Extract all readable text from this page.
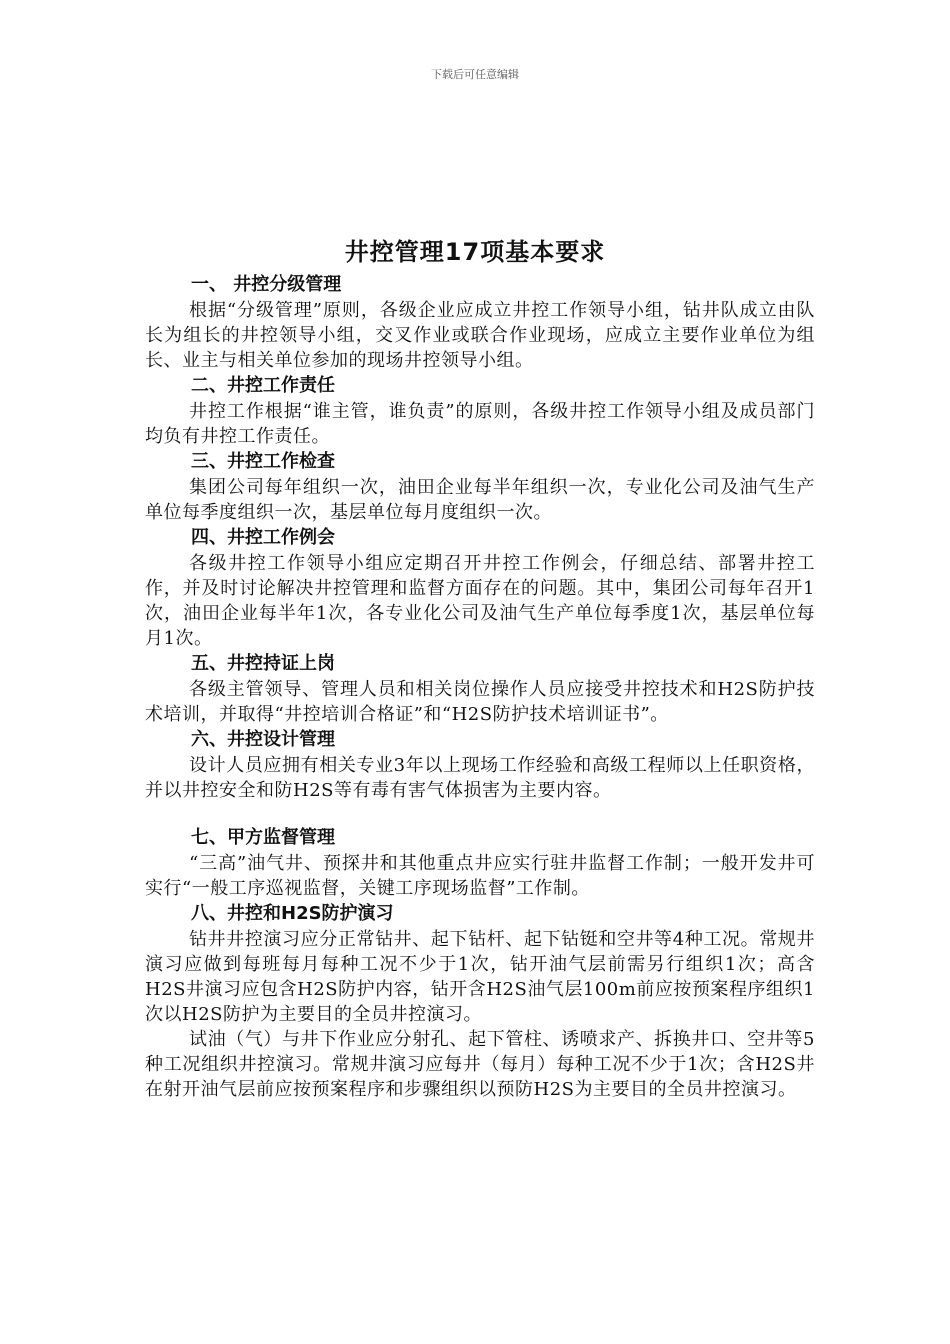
下载后可任意编辑
井控管理17项基本要求

一、 井控分级管理

根据“分级管理”原则，各级企业应成立井控工作领导小组，钻井队成立由队长为组长的井控领导小组，交叉作业或联合作业现场，应成立主要作业单位为组长、业主与相关单位参加的现场井控领导小组。

二、井控工作责任

井控工作根据“谁主管，谁负责”的原则，各级井控工作领导小组及成员部门均负有井控工作责任。

三、井控工作检查

集团公司每年组织一次，油田企业每半年组织一次，专业化公司及油气生产单位每季度组织一次，基层单位每月度组织一次。

四、井控工作例会

各级井控工作领导小组应定期召开井控工作例会，仔细总结、部署井控工作，并及时讨论解决井控管理和监督方面存在的问题。其中，集团公司每年召开1次，油田企业每半年1次，各专业化公司及油气生产单位每季度1次，基层单位每月1次。

五、井控持证上岗

各级主管领导、管理人员和相关岗位操作人员应接受井控技术和H2S防护技术培训，并取得“井控培训合格证”和“H2S防护技术培训证书”。

六、井控设计管理

设计人员应拥有相关专业3年以上现场工作经验和高级工程师以上任职资格，并以井控安全和防H2S等有毒有害气体损害为主要内容。

七、甲方监督管理

“三高”油气井、预探井和其他重点井应实行驻井监督工作制；一般开发井可实行“一般工序巡视监督，关键工序现场监督”工作制。

八、井控和H2S防护演习

钻井井控演习应分正常钻井、起下钻杆、起下钻铤和空井等4种工况。常规井演习应做到每班每月每种工况不少于1次，钻开油气层前需另行组织1次；高含H2S井演习应包含H2S防护内容，钻开含H2S油气层100m前应按预案程序组织1次以H2S防护为主要目的全员井控演习。

试油（气）与井下作业应分射孔、起下管柱、诱喷求产、拆换井口、空井等5种工况组织井控演习。常规井演习应每井（每月）每种工况不少于1次；含H2S井在射开油气层前应按预案程序和步骤组织以预防H2S为主要目的全员井控演习。
